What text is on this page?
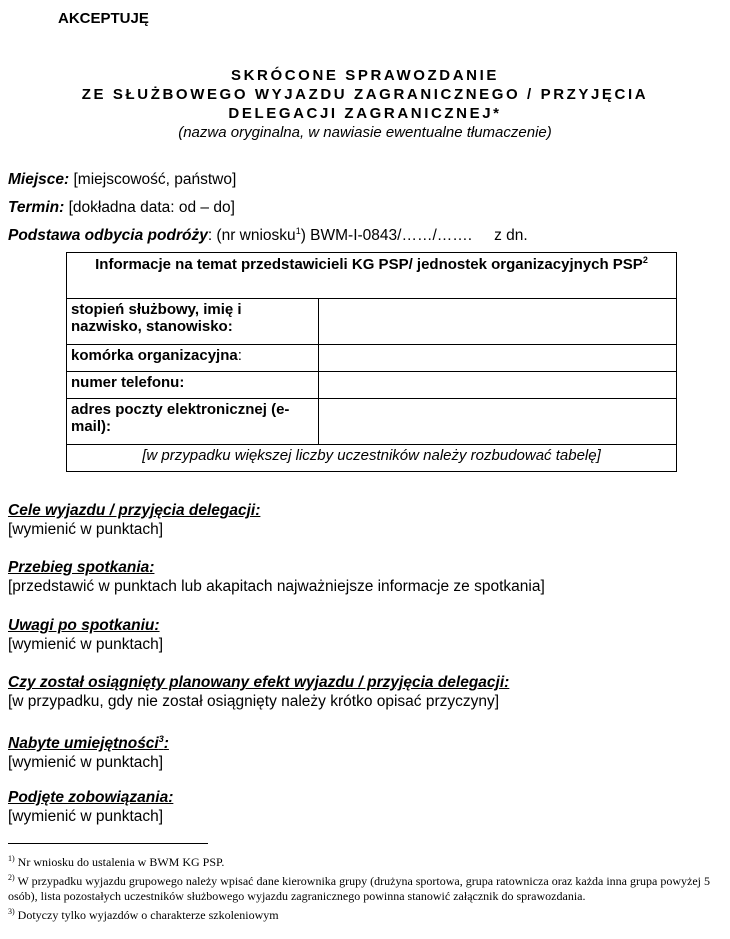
AKCEPTUJĘ
SKRÓCONE SPRAWOZDANIE
ZE SŁUŻBOWEGO WYJAZDU ZAGRANICZNEGO / PRZYJĘCIA
DELEGACJI ZAGRANICZNEJ*
(nazwa oryginalna, w nawiasie ewentualne tłumaczenie)
Miejsce: [miejscowość, państwo]
Termin: [dokładna data: od – do]
Podstawa odbycia podróży: (nr wniosku$^1$) BWM-I-0843/……/……. z dn.
Informacje na temat przedstawicieli KG PSP/ jednostek organizacyjnych PSP$^2$
stopień służbowy, imię i nazwisko, stanowisko:	
komórka organizacyjna:	
numer telefonu:	
adres poczty elektronicznej (e-mail):	
[w przypadku większej liczby uczestników należy rozbudować tabelę]	
Cele wyjazdu / przyjęcia delegacji:
[wymienić w punktach]
Przebieg spotkania:
[przedstawić w punktach lub akapitach najważniejsze informacje ze spotkania]
Uwagi po spotkaniu:
[wymienić w punktach]
Czy został osiągnięty planowany efekt wyjazdu / przyjęcia delegacji:
[w przypadku, gdy nie został osiągnięty należy krótko opisać przyczyny]
Nabyte umiejętności$^3$:
[wymienić w punktach]
Podjęte zobowiązania:
[wymienić w punktach]

$^{1)}$ Nr wniosku do ustalenia w BWM KG PSP.

$^{2)}$ W przypadku wyjazdu grupowego należy wpisać dane kierownika grupy (drużyna sportowa, grupa ratownicza oraz każda inna grupa powyżej 5 osób), lista pozostałych uczestników służbowego wyjazdu zagranicznego powinna stanowić załącznik do sprawozdania.

$^{3)}$ Dotyczy tylko wyjazdów o charakterze szkoleniowym
